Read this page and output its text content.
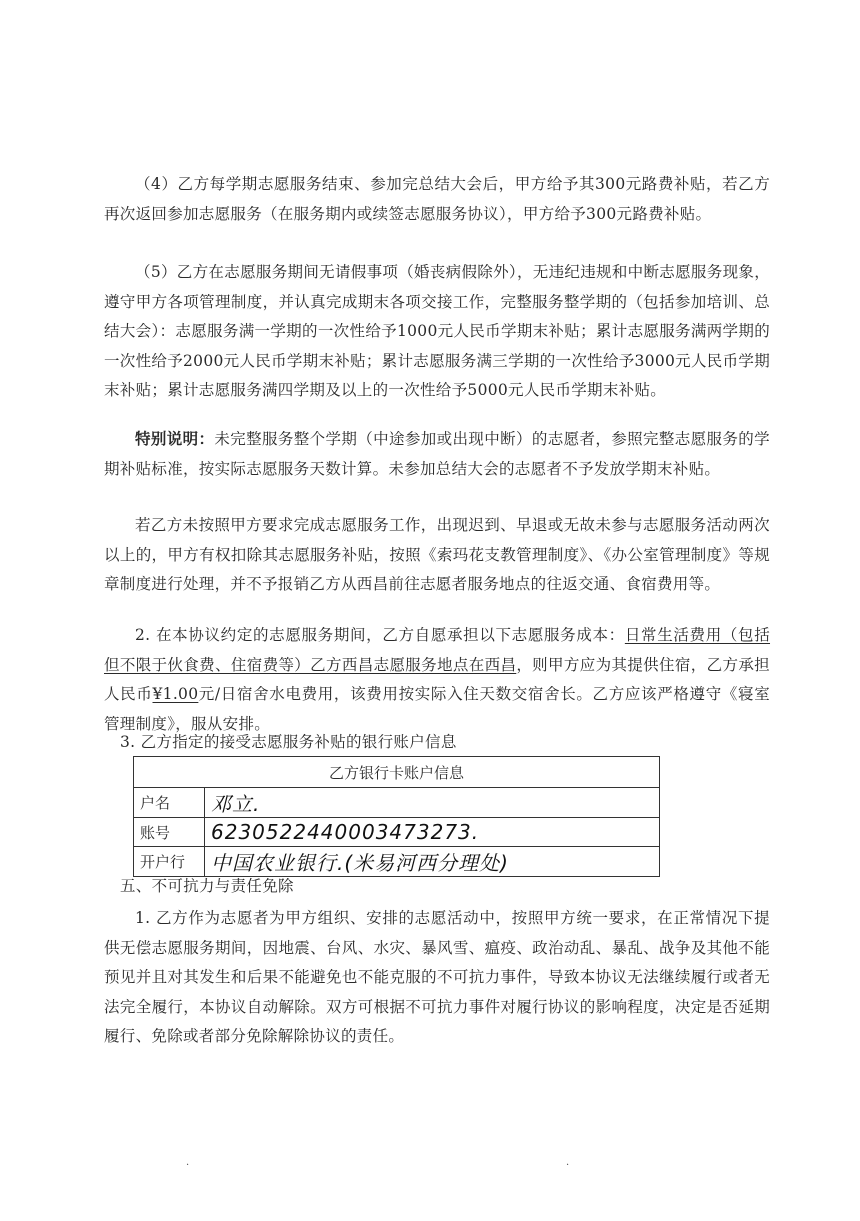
（4）乙方每学期志愿服务结束、参加完总结大会后，甲方给予其300元路费补贴，若乙方再次返回参加志愿服务（在服务期内或续签志愿服务协议），甲方给予300元路费补贴。
（5）乙方在志愿服务期间无请假事项（婚丧病假除外），无违纪违规和中断志愿服务现象，遵守甲方各项管理制度，并认真完成期末各项交接工作，完整服务整学期的（包括参加培训、总结大会）：志愿服务满一学期的一次性给予1000元人民币学期末补贴；累计志愿服务满两学期的一次性给予2000元人民币学期末补贴；累计志愿服务满三学期的一次性给予3000元人民币学期末补贴；累计志愿服务满四学期及以上的一次性给予5000元人民币学期末补贴。
特别说明：未完整服务整个学期（中途参加或出现中断）的志愿者，参照完整志愿服务的学期补贴标准，按实际志愿服务天数计算。未参加总结大会的志愿者不予发放学期末补贴。
若乙方未按照甲方要求完成志愿服务工作，出现迟到、早退或无故未参与志愿服务活动两次以上的，甲方有权扣除其志愿服务补贴，按照《索玛花支教管理制度》、《办公室管理制度》等规章制度进行处理，并不予报销乙方从西昌前往志愿者服务地点的往返交通、食宿费用等。
2. 在本协议约定的志愿服务期间，乙方自愿承担以下志愿服务成本：日常生活费用（包括但不限于伙食费、住宿费等）乙方西昌志愿服务地点在西昌，则甲方应为其提供住宿，乙方承担人民币¥1.00元/日宿舍水电费用，该费用按实际入住天数交宿舍长。乙方应该严格遵守《寝室管理制度》，服从安排。
3. 乙方指定的接受志愿服务补贴的银行账户信息
乙方银行卡账户信息	
户名	邓立.
账号	6230522440003473273.
开户行	中国农业银行.(米易河西分理处)
五、不可抗力与责任免除
1. 乙方作为志愿者为甲方组织、安排的志愿活动中，按照甲方统一要求，在正常情况下提供无偿志愿服务期间，因地震、台风、水灾、暴风雪、瘟疫、政治动乱、暴乱、战争及其他不能预见并且对其发生和后果不能避免也不能克服的不可抗力事件，导致本协议无法继续履行或者无法完全履行，本协议自动解除。双方可根据不可抗力事件对履行协议的影响程度，决定是否延期履行、免除或者部分免除解除协议的责任。
·	·
